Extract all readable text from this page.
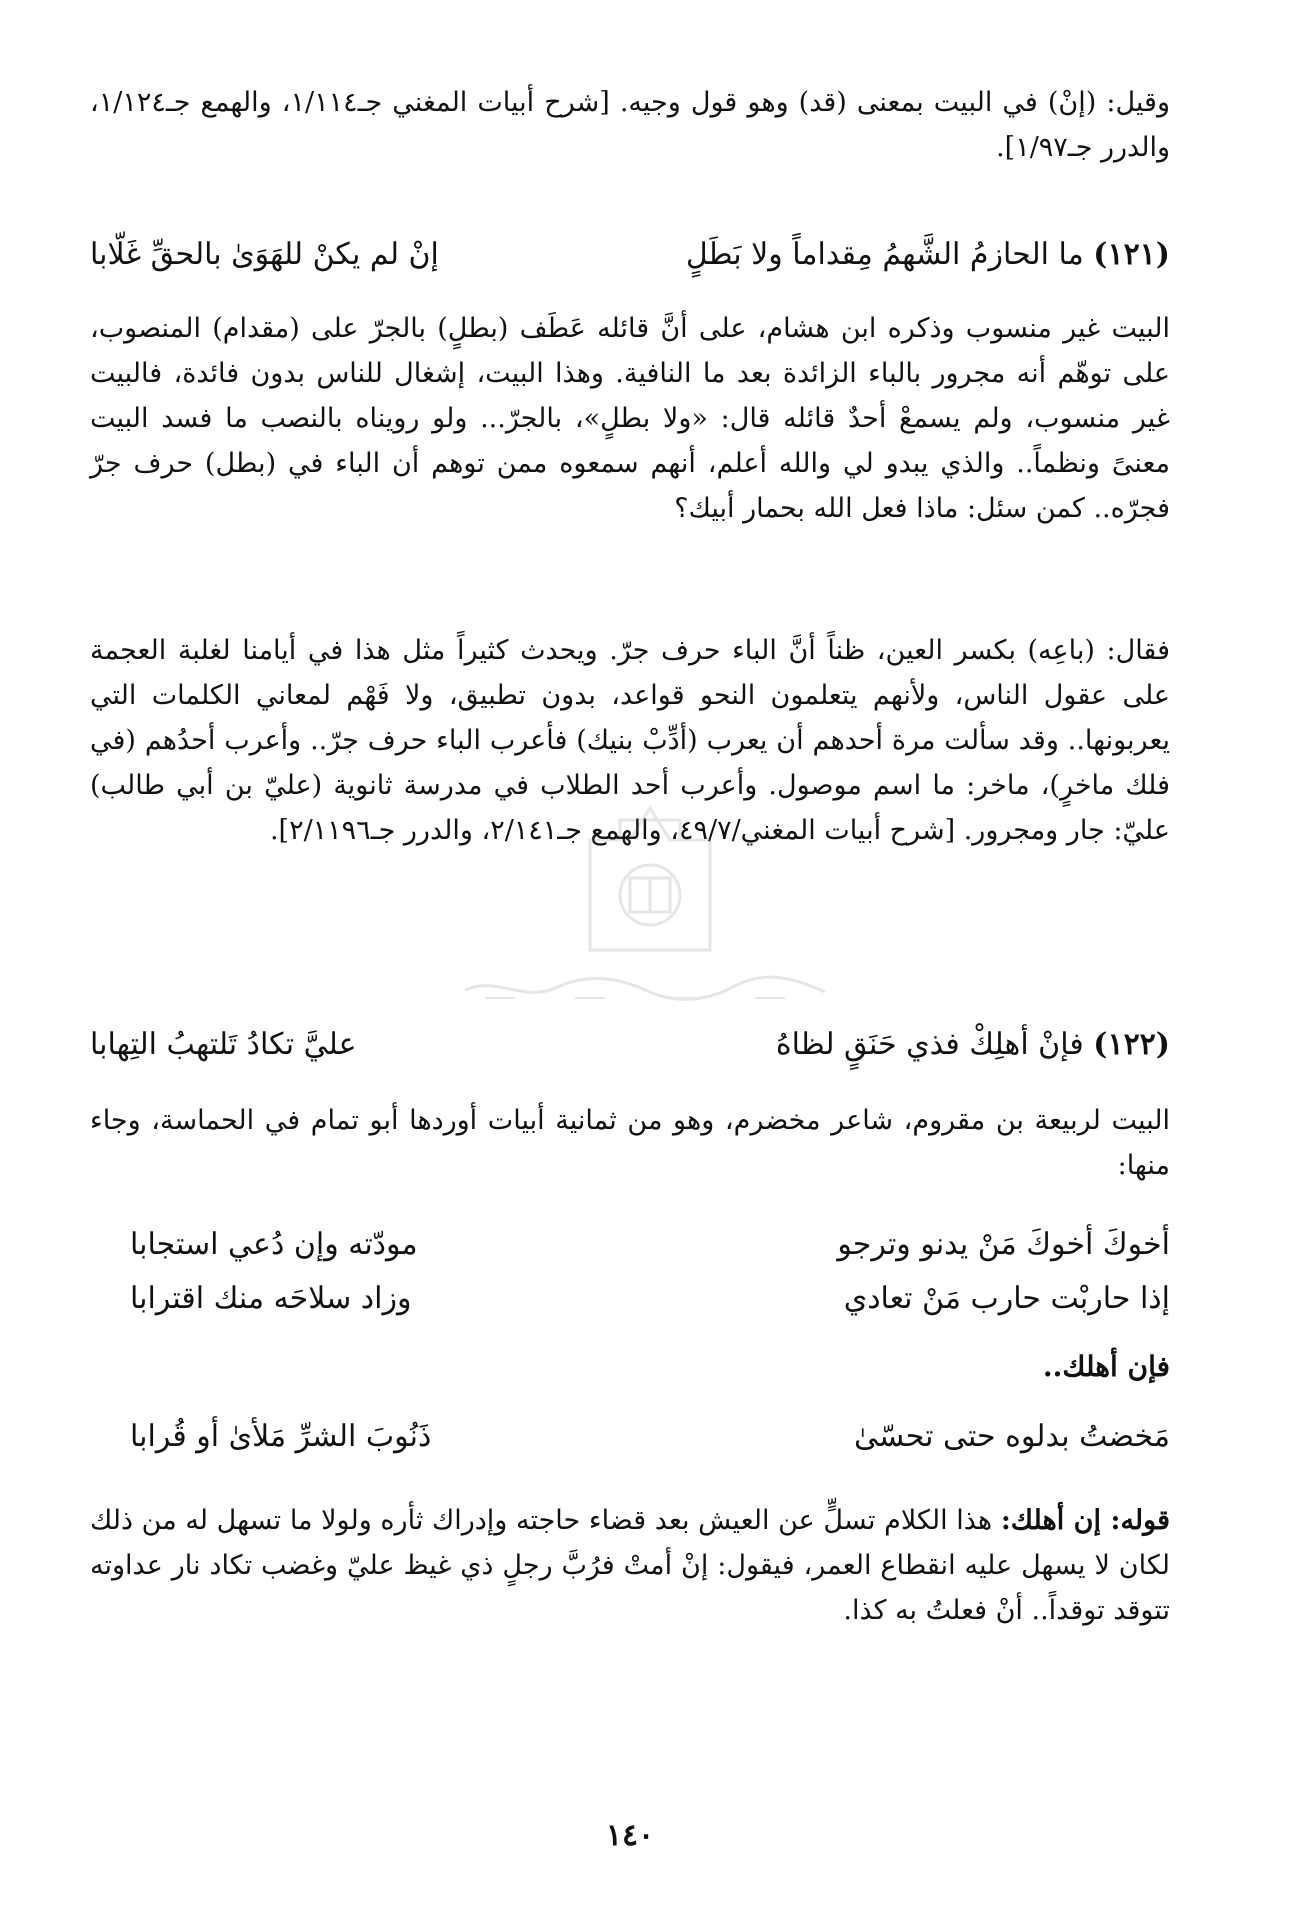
وقيل: (إنْ) في البيت بمعنى (قد) وهو قول وجيه. [شرح أبيات المغني جـ١/١١٤، والهمع جـ١/١٢٤، والدرر جـ١/٩٧].

(١٢١) ما الحازمُ الشَّهمُ مِقداماً ولا بَطَلٍ
إنْ لم يكنْ للهَوَىٰ بالحقِّ غَلّابا

البيت غير منسوب وذكره ابن هشام، على أنَّ قائله عَطَف (بطلٍ) بالجرّ على (مقدام) المنصوب، على توهّم أنه مجرور بالباء الزائدة بعد ما النافية. وهذا البيت، إشغال للناس بدون فائدة، فالبيت غير منسوب، ولم يسمعْ أحدٌ قائله قال: «ولا بطلٍ»، بالجرّ... ولو رويناه بالنصب ما فسد البيت معنىً ونظماً.. والذي يبدو لي والله أعلم، أنهم سمعوه ممن توهم أن الباء في (بطل) حرف جرّ فجرّه.. كمن سئل: ماذا فعل الله بحمار أبيك؟

فقال: (باعِه) بكسر العين، ظناً أنَّ الباء حرف جرّ. ويحدث كثيراً مثل هذا في أيامنا لغلبة العجمة على عقول الناس، ولأنهم يتعلمون النحو قواعد، بدون تطبيق، ولا فَهْم لمعاني الكلمات التي يعربونها.. وقد سألت مرة أحدهم أن يعرب (أدِّبْ بنيك) فأعرب الباء حرف جرّ.. وأعرب أحدُهم (في فلك ماخرٍ)، ماخر: ما اسم موصول. وأعرب أحد الطلاب في مدرسة ثانوية (عليّ بن أبي طالب) عليّ: جار ومجرور. [شرح أبيات المغني/٤٩/٧، والهمع جـ٢/١٤١، والدرر جـ٢/١١٩٦].

(١٢٢) فإنْ أهلِكْ فذي حَنَقٍ لظاهُ
عليَّ تكادُ تَلتهبُ التِهابا

البيت لربيعة بن مقروم، شاعر مخضرم، وهو من ثمانية أبيات أوردها أبو تمام في الحماسة، وجاء منها:

أخوكَ أخوكَ مَنْ يدنو وترجو
مودّته وإن دُعي استجابا
إذا حاربْت حارب مَنْ تعادي
وزاد سلاحَه منك اقترابا
فإن أهلك..
مَخضتُ بدلوه حتى تحسّىٰ
ذَنُوبَ الشرِّ مَلأىٰ أو قُرابا

قوله: إن أهلك: هذا الكلام تسلٍّ عن العيش بعد قضاء حاجته وإدراك ثأره ولولا ما تسهل له من ذلك لكان لا يسهل عليه انقطاع العمر، فيقول: إنْ أمتْ فرُبَّ رجلٍ ذي غيظ عليّ وغضب تكاد نار عداوته تتوقد توقداً.. أنْ فعلتُ به كذا.

١٤٠
